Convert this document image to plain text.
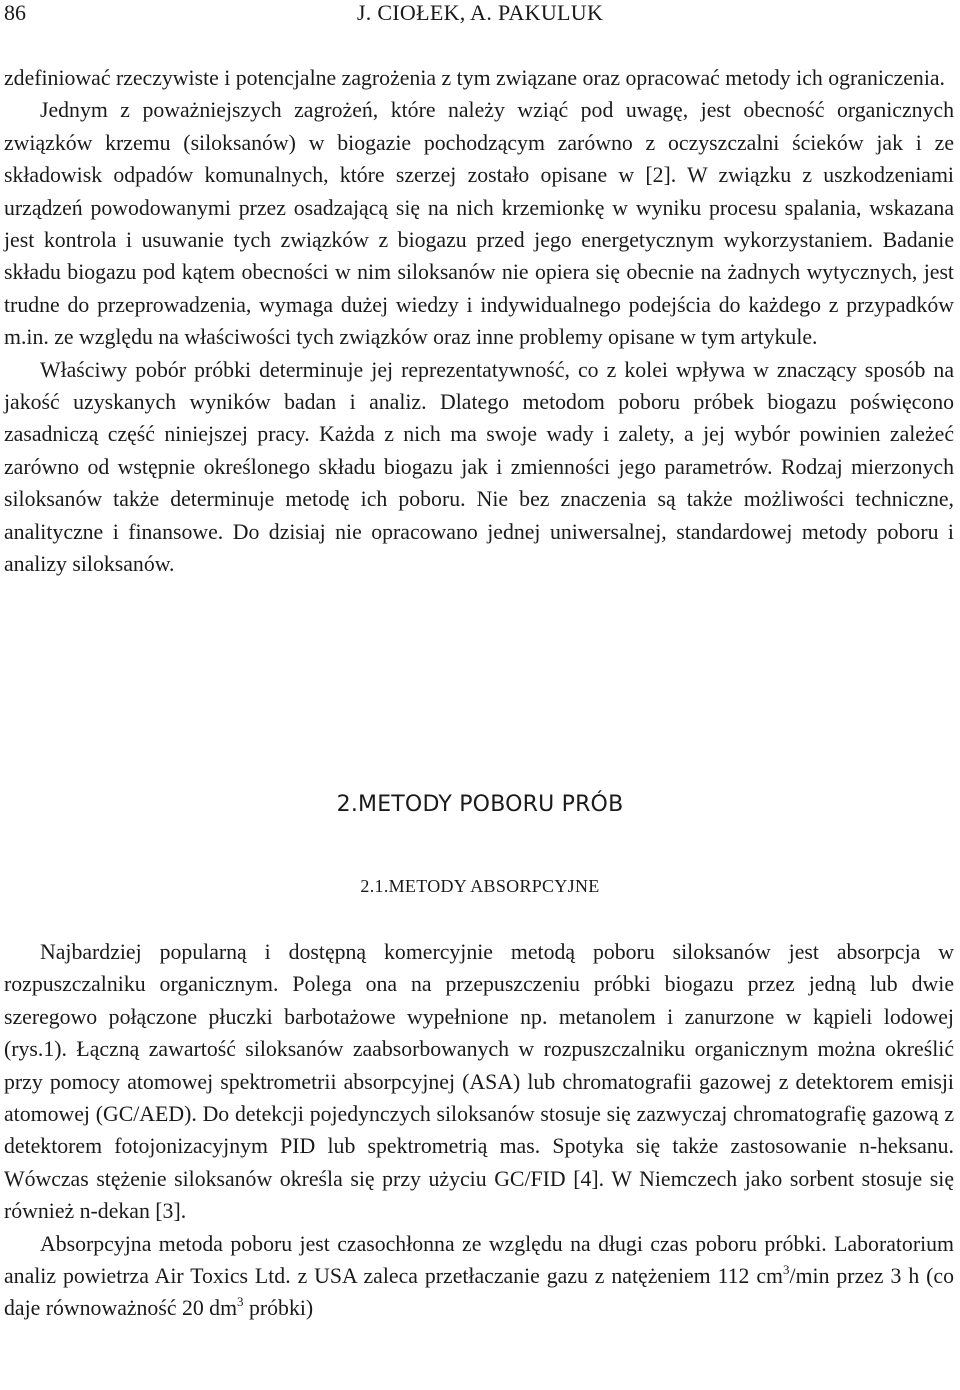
86	J. CIOŁEK, A. PAKULUK

zdefiniować rzeczywiste i potencjalne zagrożenia z tym związane oraz opracować metody ich ograniczenia.

Jednym z poważniejszych zagrożeń, które należy wziąć pod uwagę, jest obecność organicznych związków krzemu (siloksanów) w biogazie pochodzącym zarówno z oczyszczalni ścieków jak i ze składowisk odpadów komunalnych, które szerzej zostało opisane w [2]. W związku z uszkodzeniami urządzeń powodowanymi przez osadzającą się na nich krzemionkę w wyniku procesu spalania, wskazana jest kontrola i usuwanie tych związków z biogazu przed jego energetycznym wykorzystaniem. Badanie składu biogazu pod kątem obecności w nim siloksanów nie opiera się obecnie na żadnych wytycznych, jest trudne do przeprowadzenia, wymaga dużej wiedzy i indywidualnego podejścia do każdego z przypadków m.in. ze względu na właściwości tych związków oraz inne problemy opisane w tym artykule.

Właściwy pobór próbki determinuje jej reprezentatywność, co z kolei wpływa w znaczący sposób na jakość uzyskanych wyników badan i analiz. Dlatego metodom poboru próbek biogazu poświęcono zasadniczą część niniejszej pracy. Każda z nich ma swoje wady i zalety, a jej wybór powinien zależeć zarówno od wstępnie określonego składu biogazu jak i zmienności jego parametrów. Rodzaj mierzonych siloksanów także determinuje metodę ich poboru. Nie bez znaczenia są także możliwości techniczne, analityczne i finansowe. Do dzisiaj nie opracowano jednej uniwersalnej, standardowej metody poboru i analizy siloksanów.

2.METODY POBORU PRÓB
2.1.METODY ABSORPCYJNE

Najbardziej popularną i dostępną komercyjnie metodą poboru siloksanów jest absorpcja w rozpuszczalniku organicznym. Polega ona na przepuszczeniu próbki biogazu przez jedną lub dwie szeregowo połączone płuczki barbotażowe wypełnione np. metanolem i zanurzone w kąpieli lodowej (rys.1). Łączną zawartość siloksanów zaabsorbowanych w rozpuszczalniku organicznym można określić przy pomocy atomowej spektrometrii absorpcyjnej (ASA) lub chromatografii gazowej z detektorem emisji atomowej (GC/AED). Do detekcji pojedynczych siloksanów stosuje się zazwyczaj chromatografię gazową z detektorem fotojonizacyjnym PID lub spektrometrią mas. Spotyka się także zastosowanie n-heksanu. Wówczas stężenie siloksanów określa się przy użyciu GC/FID [4]. W Niemczech jako sorbent stosuje się również n-dekan [3].

Absorpcyjna metoda poboru jest czasochłonna ze względu na długi czas poboru próbki. Laboratorium analiz powietrza Air Toxics Ltd. z USA zaleca przetłaczanie gazu z natężeniem 112 $cm^3/\min$ przez 3 h (co daje równoważność 20 $dm^3$ próbki)
